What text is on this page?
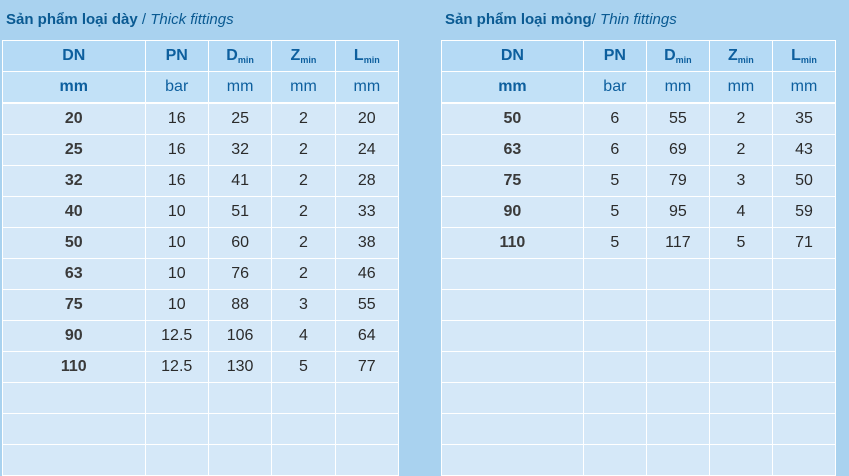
Sản phẩm loại dày / Thick fittings
DN	PN	$D_{min}$	$Z_{min}$	$L_{min}$
mm	bar	mm	mm	mm
20	16	25	2	20
25	16	32	2	24
32	16	41	2	28
40	10	51	2	33
50	10	60	2	38
63	10	76	2	46
75	10	88	3	55
90	12.5	106	4	64
110	12.5	130	5	77

Sản phẩm loại mỏng/ Thin fittings
DN	PN	$D_{min}$	$Z_{min}$	$L_{min}$
mm	bar	mm	mm	mm
50	6	55	2	35
63	6	69	2	43
75	5	79	3	50
90	5	95	4	59
110	5	117	5	71
